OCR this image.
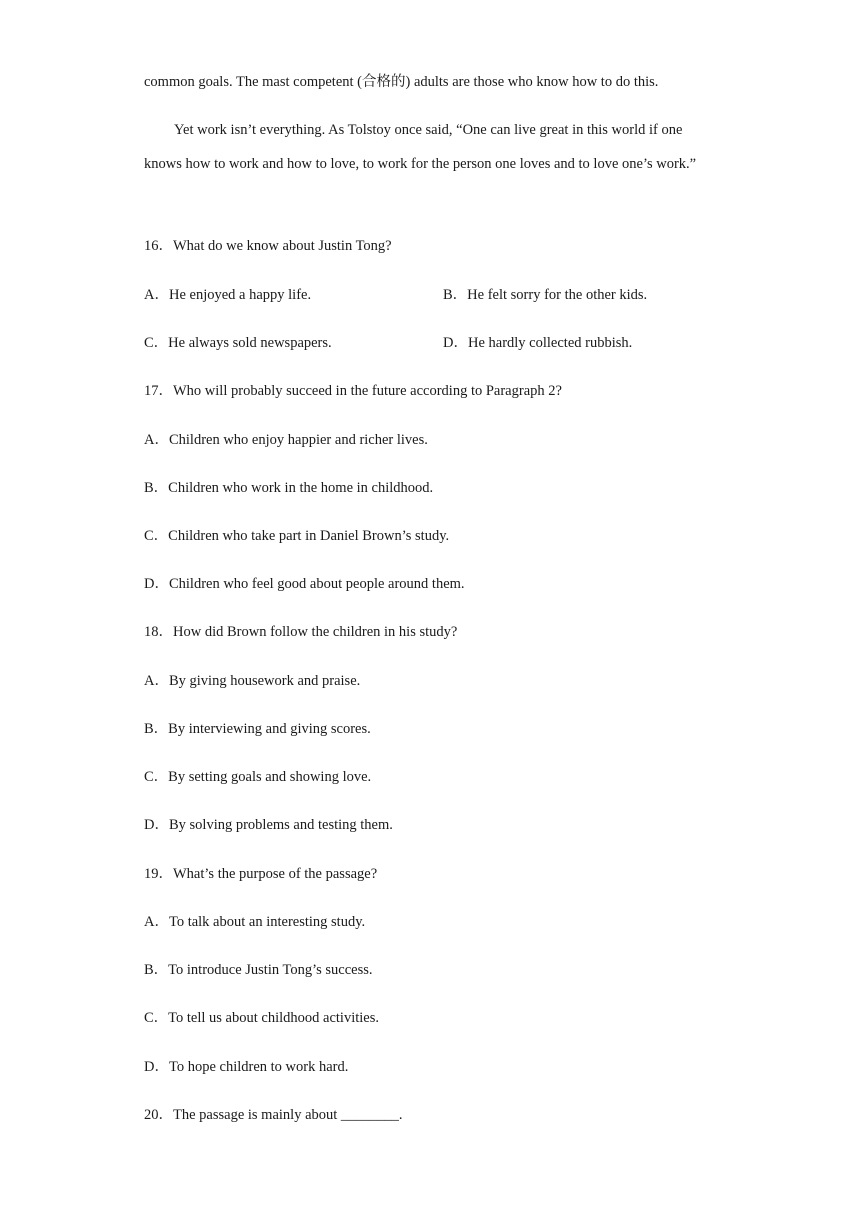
common goals. The mast competent (合格的) adults are those who know how to do this.

Yet work isn’t everything. As Tolstoy once said, “One can live great in this world if one knows how to work and how to love, to work for the person one loves and to love one’s work.”

16．What do we know about Justin Tong?

A．He enjoyed a happy life.	B．He felt sorry for the other kids.

C．He always sold newspapers.	D．He hardly collected rubbish.

17．Who will probably succeed in the future according to Paragraph 2?

A．Children who enjoy happier and richer lives.

B．Children who work in the home in childhood.

C．Children who take part in Daniel Brown’s study.

D．Children who feel good about people around them.

18．How did Brown follow the children in his study?

A．By giving housework and praise.

B．By interviewing and giving scores.

C．By setting goals and showing love.

D．By solving problems and testing them.

19．What’s the purpose of the passage?

A．To talk about an interesting study.

B．To introduce Justin Tong’s success.

C．To tell us about childhood activities.

D．To hope children to work hard.

20．The passage is mainly about ________.
